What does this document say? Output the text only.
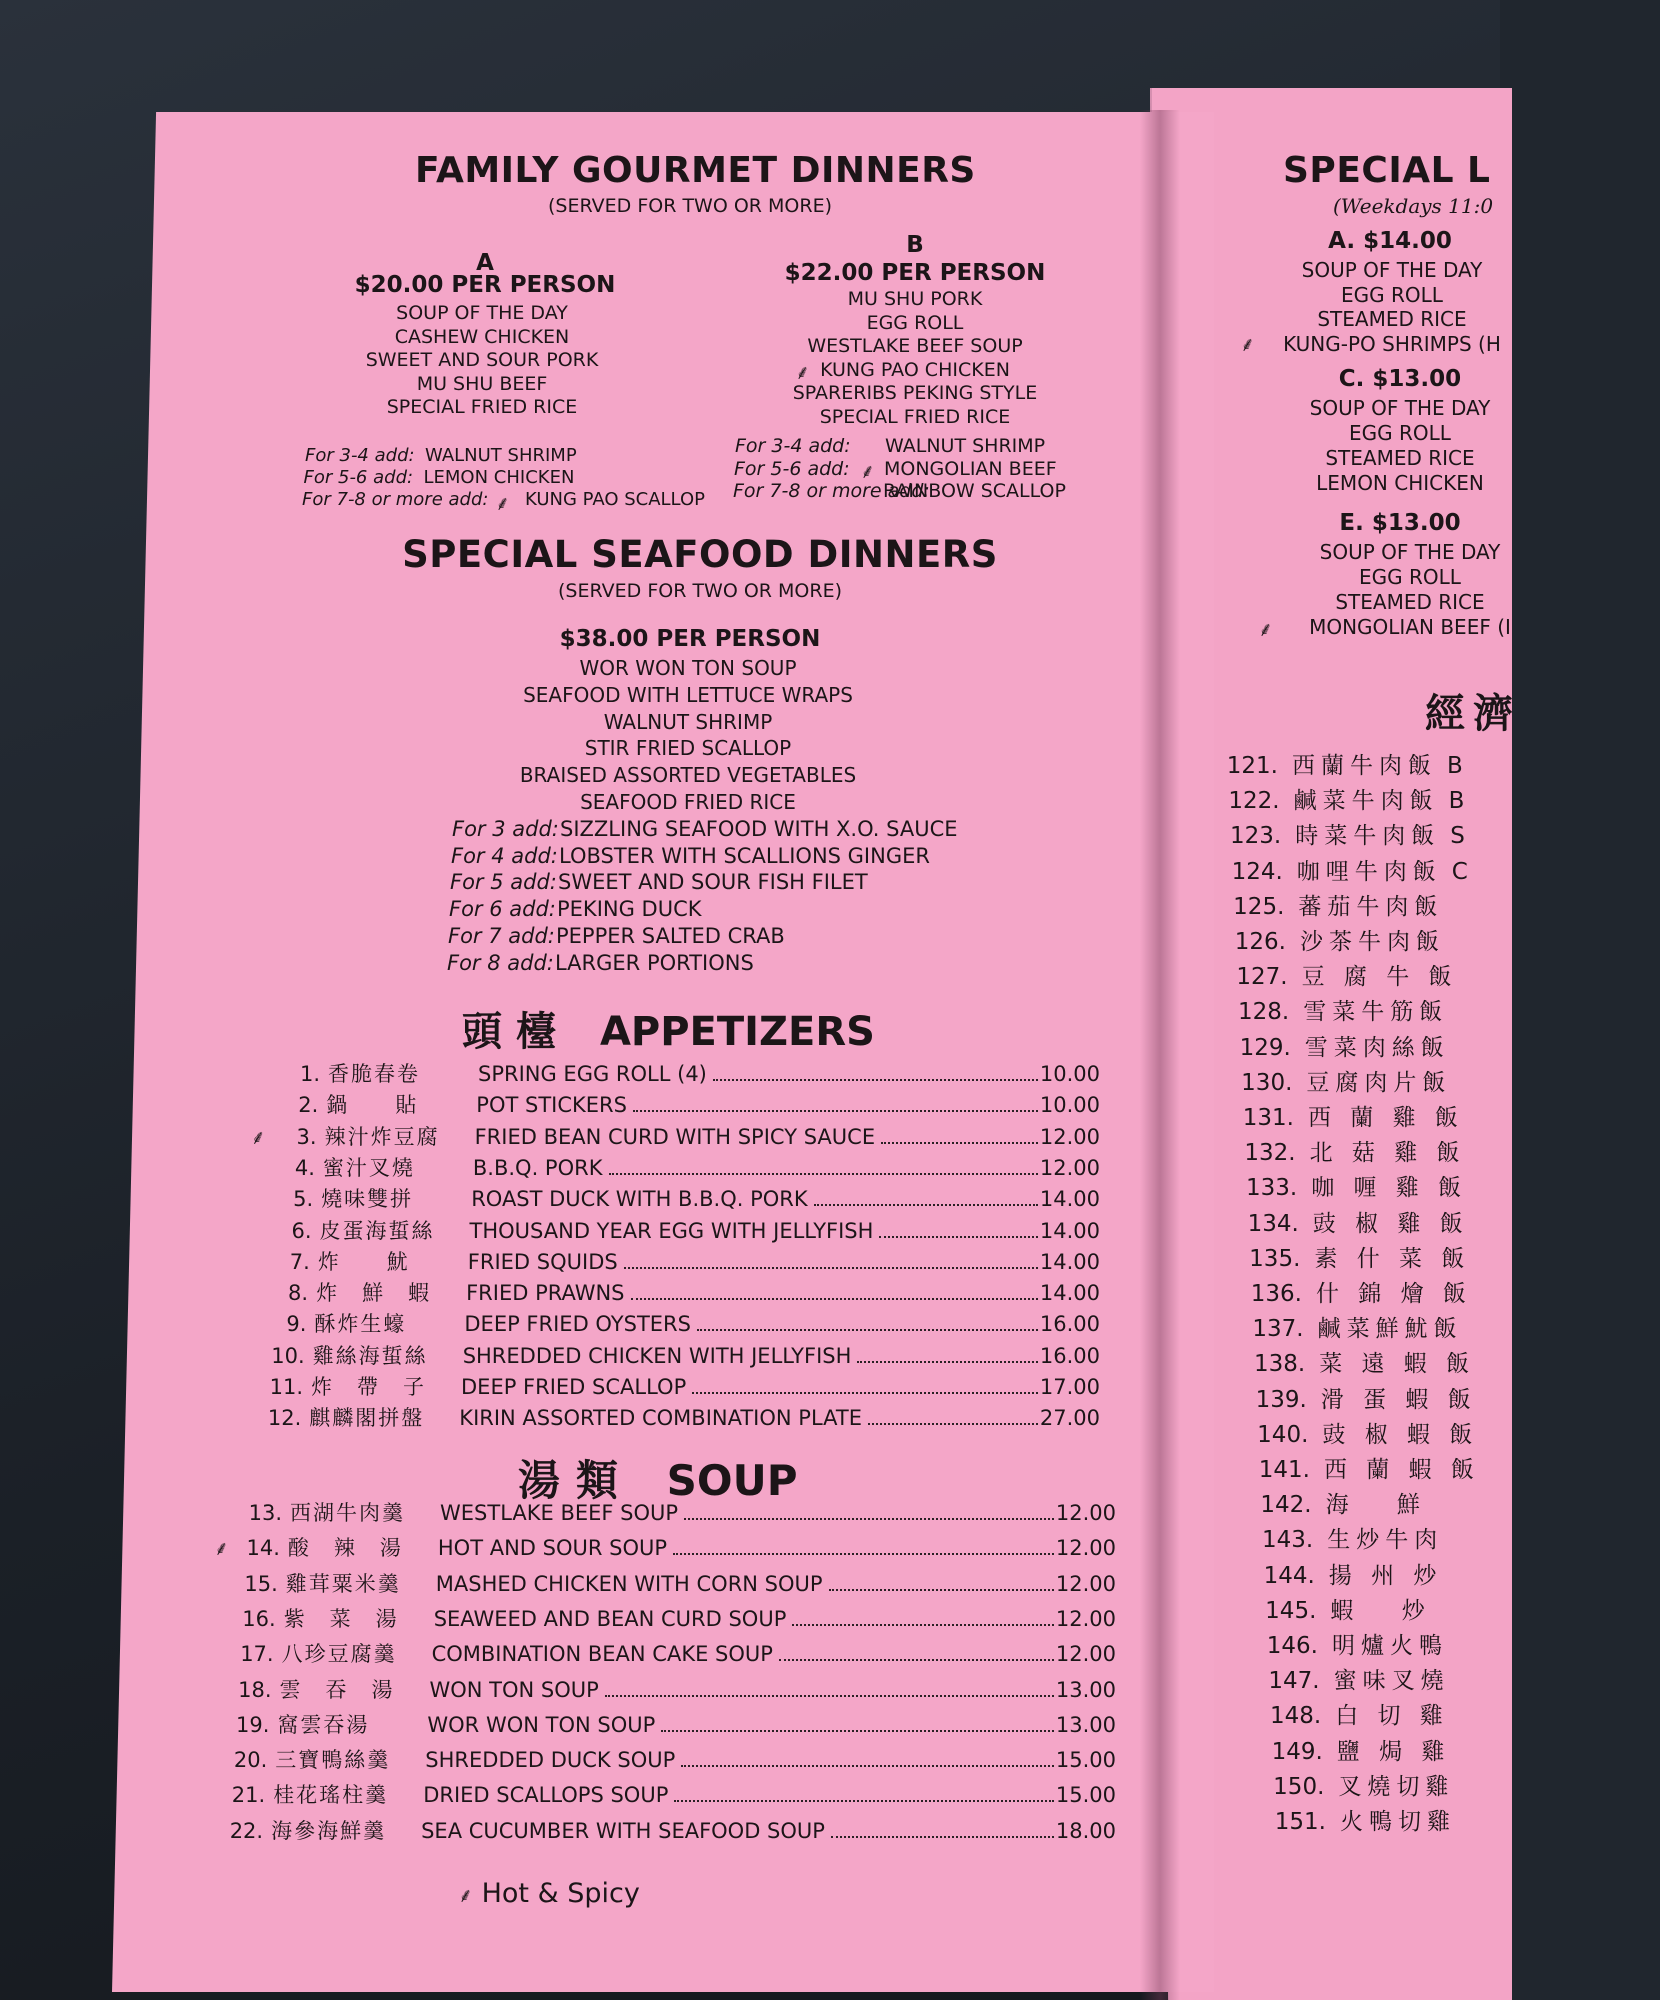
FAMILY GOURMET DINNERS
(SERVED FOR TWO OR MORE)
A
$20.00 PER PERSON
SOUP OF THE DAY
CASHEW CHICKEN
SWEET AND SOUR PORK
MU SHU BEEF
SPECIAL FRIED RICE
For 3-4 add: WALNUT SHRIMP
For 5-6 add: LEMON CHICKEN
For 7-8 or more add: KUNG PAO SCALLOP
B
$22.00 PER PERSON
MU SHU PORK
EGG ROLL
WESTLAKE BEEF SOUP
KUNG PAO CHICKEN
SPARERIBS PEKING STYLE
SPECIAL FRIED RICE
For 3-4 add: WALNUT SHRIMP
For 5-6 add: MONGOLIAN BEEF
For 7-8 or more add:
RAINBOW SCALLOP
SPECIAL SEAFOOD DINNERS
(SERVED FOR TWO OR MORE)
$38.00 PER PERSON
WOR WON TON SOUP
SEAFOOD WITH LETTUCE WRAPS
WALNUT SHRIMP
STIR FRIED SCALLOP
BRAISED ASSORTED VEGETABLES
SEAFOOD FRIED RICE
For 3 add: SIZZLING SEAFOOD WITH X.O. SAUCE
For 4 add: LOBSTER WITH SCALLIONS GINGER
For 5 add: SWEET AND SOUR FISH FILET
For 6 add: PEKING DUCK
For 7 add: PEPPER SALTED CRAB
For 8 add: LARGER PORTIONS
頭檯 APPETIZERS
1. 香脆春卷	SPRING EGG ROLL (4)	10.00
2. 鍋　　貼	POT STICKERS	10.00
3. 辣汁炸豆腐	FRIED BEAN CURD WITH SPICY SAUCE	12.00
⸙
4. 蜜汁叉燒	B.B.Q. PORK	12.00
5. 燒味雙拼	ROAST DUCK WITH B.B.Q. PORK	14.00
6. 皮蛋海蜇絲	THOUSAND YEAR EGG WITH JELLYFISH	14.00
7. 炸　　魷	FRIED SQUIDS	14.00
8. 炸　鮮　蝦	FRIED PRAWNS	14.00
9. 酥炸生蠔	DEEP FRIED OYSTERS	16.00
10. 雞絲海蜇絲	SHREDDED CHICKEN WITH JELLYFISH	16.00
11. 炸　帶　子	DEEP FRIED SCALLOP	17.00
12. 麒麟閣拼盤	KIRIN ASSORTED COMBINATION PLATE	27.00
湯類 SOUP
13. 西湖牛肉羹	WESTLAKE BEEF SOUP	12.00
14. 酸　辣　湯	HOT AND SOUR SOUP	12.00
⸙
15. 雞茸粟米羹	MASHED CHICKEN WITH CORN SOUP	12.00
16. 紫　菜　湯	SEAWEED AND BEAN CURD SOUP	12.00
17. 八珍豆腐羹	COMBINATION BEAN CAKE SOUP	12.00
18. 雲　吞　湯	WON TON SOUP	13.00
19. 窩雲吞湯	WOR WON TON SOUP	13.00
20. 三寶鴨絲羹	SHREDDED DUCK SOUP	15.00
21. 桂花瑤柱羹	DRIED SCALLOPS SOUP	15.00
22. 海參海鮮羹	SEA CUCUMBER WITH SEAFOOD SOUP	18.00
⸙ Hot & Spicy
SPECIAL L
(Weekdays 11:0
A. $14.00
SOUP OF THE DAY
EGG ROLL
STEAMED RICE
KUNG-PO SHRIMPS (H
C. $13.00
SOUP OF THE DAY
EGG ROLL
STEAMED RICE
LEMON CHICKEN
E. $13.00
SOUP OF THE DAY
EGG ROLL
STEAMED RICE
MONGOLIAN BEEF (I
經濟
121. 西蘭牛肉飯 B
122. 鹹菜牛肉飯 B
123. 時菜牛肉飯 S
124. 咖哩牛肉飯 C
125. 蕃茄牛肉飯
126. 沙茶牛肉飯
127. 豆 腐 牛 飯
128. 雪菜牛筋飯
129. 雪菜肉絲飯
130. 豆腐肉片飯
131. 西 蘭 雞 飯
132. 北 菇 雞 飯
133. 咖 喱 雞 飯
134. 豉 椒 雞 飯
135. 素 什 菜 飯
136. 什 錦 燴 飯
137. 鹹菜鮮魷飯
138. 菜 遠 蝦 飯
139. 滑 蛋 蝦 飯
140. 豉 椒 蝦 飯
141. 西 蘭 蝦 飯
142. 海　 鮮
143. 生炒牛肉
144. 揚 州 炒
145. 蝦　 炒
146. 明爐火鴨
147. 蜜味叉燒
148. 白 切 雞
149. 鹽 焗 雞
150. 叉燒切雞
151. 火鴨切雞
⸙
⸙
⸙
⸙
⸙
